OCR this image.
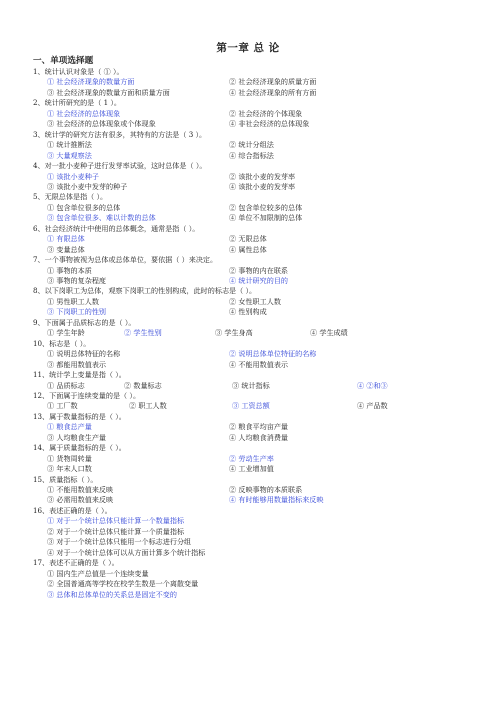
第一章 总 论
一、单项选择题
1、统计认识对象是（ ① ）。
① 社会经济现象的数量方面	② 社会经济现象的质量方面
③ 社会经济现象的数量方面和质量方面	④ 社会经济现象的所有方面
2、统计所研究的是（ 1 ）。
① 社会经济的总体现象	② 社会经济的个体现象
③ 社会经济的总体现象或个体现象	④ 非社会经济的总体现象
3、统计学的研究方法有很多，其特有的方法是（ 3 ）。
① 统计推断法	② 统计分组法
③ 大量观察法	④ 综合指标法
4、对一批小麦种子进行发芽率试验，这时总体是（ ）。
① 该批小麦种子	② 该批小麦的发芽率
③ 该批小麦中发芽的种子	④ 该批小麦的发芽率
5、无限总体是指（ ）。
① 包含单位很多的总体	② 包含单位较多的总体
③ 包含单位很多、难以计数的总体	④ 单位不加限制的总体
6、社会经济统计中使用的总体概念，通常是指（ ）。
① 有限总体	② 无限总体
③ 变量总体	④ 属性总体
7、一个事物被视为总体或总体单位，要依据（ ）来决定。
① 事物的本质	② 事物的内在联系
③ 事物的复杂程度	④ 统计研究的目的
8、以下岗职工为总体，观察下岗职工的性别构成，此时的标志是（ ）。
① 男性职工人数	② 女性职工人数
③ 下岗职工的性别	④ 性别构成
9、下面属于品质标志的是（ ）。
① 学生年龄	② 学生性别	③ 学生身高	④ 学生成绩
10、标志是（ ）。
① 说明总体特征的名称	② 说明总体单位特征的名称
③ 都能用数值表示	④ 不能用数值表示
11、统计学上变量是指（ ）。
① 品质标志	② 数量标志	③ 统计指标	④ ②和③
12、下面属于连续变量的是（ ）。
① 工厂数	② 职工人数	③ 工资总额	④ 产品数
13、属于数量指标的是（ ）。
① 粮食总产量	② 粮食平均亩产量
③ 人均粮食生产量	④ 人均粮食消费量
14、属于质量指标的是（ ）。
① 货物周转量	② 劳动生产率
③ 年末人口数	④ 工业增加值
15、质量指标（ ）。
① 不能用数值来反映	② 反映事物的本质联系
③ 必需用数值来反映	④ 有时能够用数量指标来反映
16、表述正确的是（ ）。
① 对于一个统计总体只能计算一个数量指标
② 对于一个统计总体只能计算一个质量指标
③ 对于一个统计总体只能用一个标志进行分组
④ 对于一个统计总体可以从方面计算多个统计指标
17、表述不正确的是（ ）。
① 国内生产总值是一个连续变量
② 全国普通高等学校在校学生数是一个离散变量
③ 总体和总体单位的关系总是固定不变的
